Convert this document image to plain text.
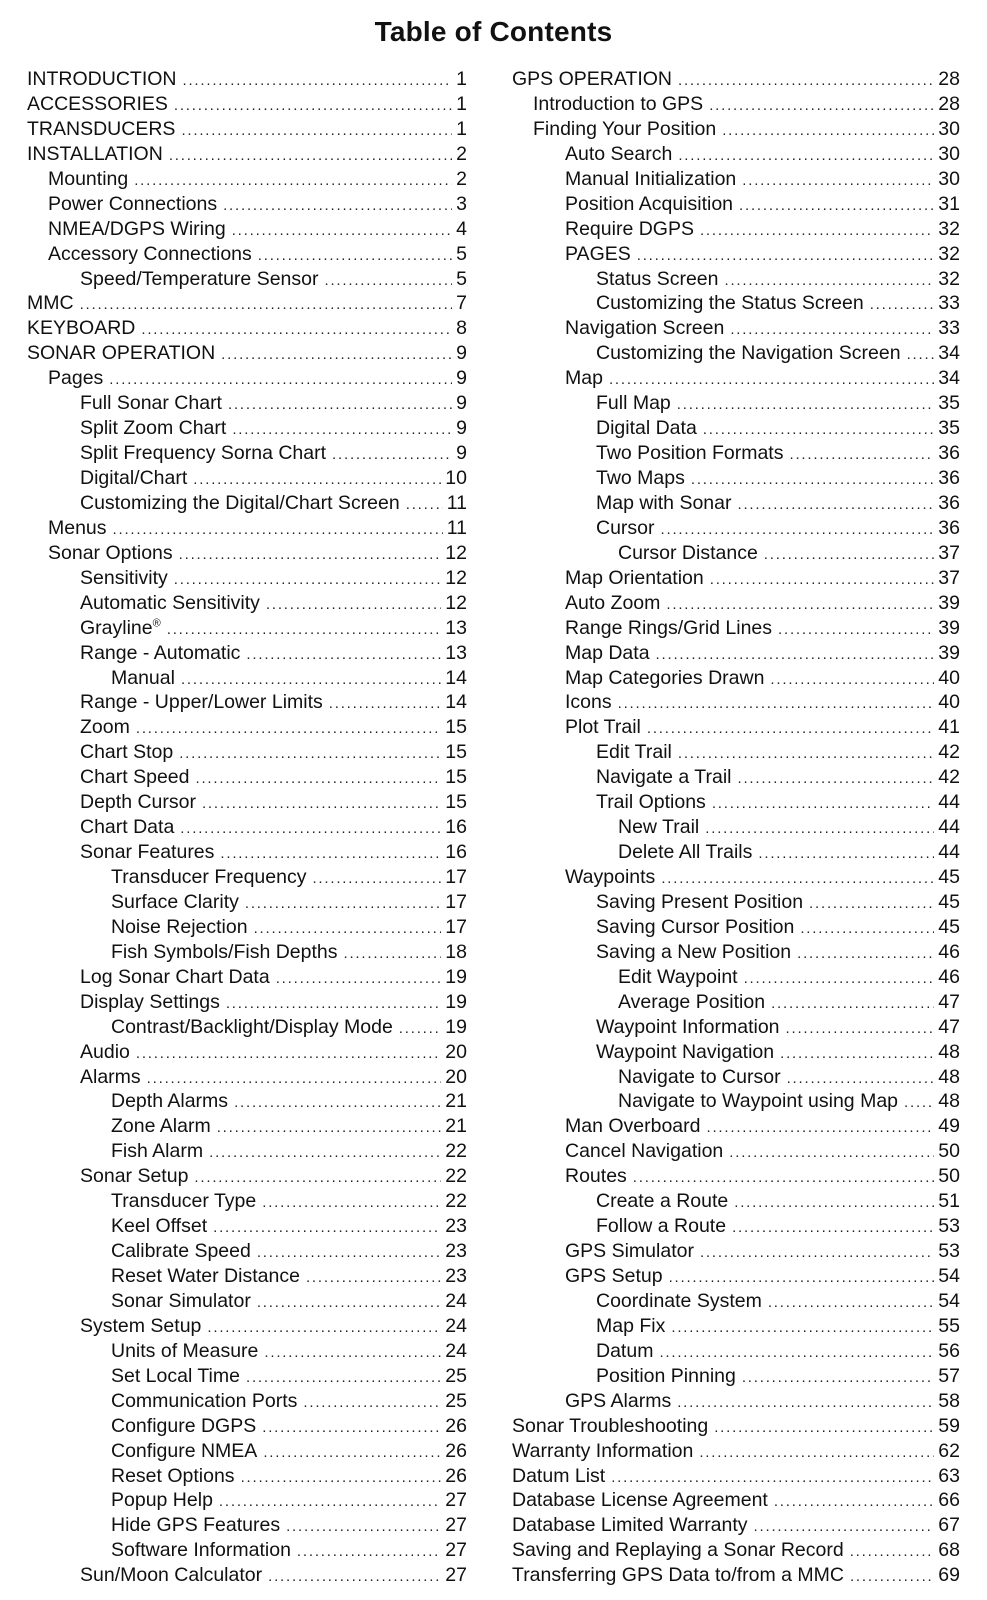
Table of Contents
INTRODUCTION .....	1
ACCESSORIES .....	1
TRANSDUCERS .....	1
INSTALLATION .....	2
Mounting .....	2
Power Connections .....	3
NMEA/DGPS Wiring .....	4
Accessory Connections .....	5
Speed/Temperature Sensor .....	5
MMC .....	7
KEYBOARD .....	8
SONAR OPERATION .....	9
Pages .....	9
Full Sonar Chart .....	9
Split Zoom Chart .....	9
Split Frequency Sorna Chart .....	9
Digital/Chart .....	10
Customizing the Digital/Chart Screen ..... 11
Menus .....	11
Sonar Options .....	12
Sensitivity .....	12
Automatic Sensitivity .....	12
Grayline® .....	13
Range - Automatic .....	13
Manual .....	14
Range - Upper/Lower Limits .....	14
Zoom .....	15
Chart Stop .....	15
Chart Speed .....	15
Depth Cursor .....	15
Chart Data .....	16
Sonar Features .....	16
Transducer Frequency .....	17
Surface Clarity .....	17
Noise Rejection .....	17
Fish Symbols/Fish Depths .....	18
Log Sonar Chart Data .....	19
Display Settings .....	19
Contrast/Backlight/Display Mode .....	19
Audio .....	20
Alarms .....	20
Depth Alarms .....	21
Zone Alarm .....	21
Fish Alarm .....	22
Sonar Setup .....	22
Transducer Type .....	22
Keel Offset .....	23
Calibrate Speed .....	23
Reset Water Distance .....	23
Sonar Simulator .....	24
System Setup .....	24
Units of Measure .....	24
Set Local Time .....	25
Communication Ports .....	25
Configure DGPS .....	26
Configure NMEA .....	26
Reset Options .....	26
Popup Help .....	27
Hide GPS Features .....	27
Software Information .....	27
Sun/Moon Calculator .....	27
GPS OPERATION .....	28
Introduction to GPS .....	28
Finding Your Position .....	30
Auto Search .....	30
Manual Initialization .....	30
Position Acquisition .....	31
Require DGPS .....	32
PAGES .....	32
Status Screen .....	32
Customizing the Status Screen .....	33
Navigation Screen .....	33
Customizing the Navigation Screen ..... 34
Map .....	34
Full Map .....	35
Digital Data .....	35
Two Position Formats .....	36
Two Maps .....	36
Map with Sonar .....	36
Cursor .....	36
Cursor Distance .....	37
Map Orientation .....	37
Auto Zoom .....	39
Range Rings/Grid Lines .....	39
Map Data .....	39
Map Categories Drawn .....	40
Icons .....	40
Plot Trail .....	41
Edit Trail .....	42
Navigate a Trail .....	42
Trail Options .....	44
New Trail .....	44
Delete All Trails .....	44
Waypoints .....	45
Saving Present Position .....	45
Saving Cursor Position .....	45
Saving a New Position .....	46
Edit Waypoint .....	46
Average Position .....	47
Waypoint Information .....	47
Waypoint Navigation .....	48
Navigate to Cursor .....	48
Navigate to Waypoint using Map ..... 48
Man Overboard .....	49
Cancel Navigation .....	50
Routes .....	50
Create a Route .....	51
Follow a Route .....	53
GPS Simulator .....	53
GPS Setup .....	54
Coordinate System .....	54
Map Fix .....	55
Datum .....	56
Position Pinning .....	57
GPS Alarms .....	58
Sonar Troubleshooting .....	59
Warranty Information .....	62
Datum List .....	63
Database License Agreement .....	66
Database Limited Warranty .....	67
Saving and Replaying a Sonar Record .....	68
Transferring GPS Data to/from a MMC .....	69
